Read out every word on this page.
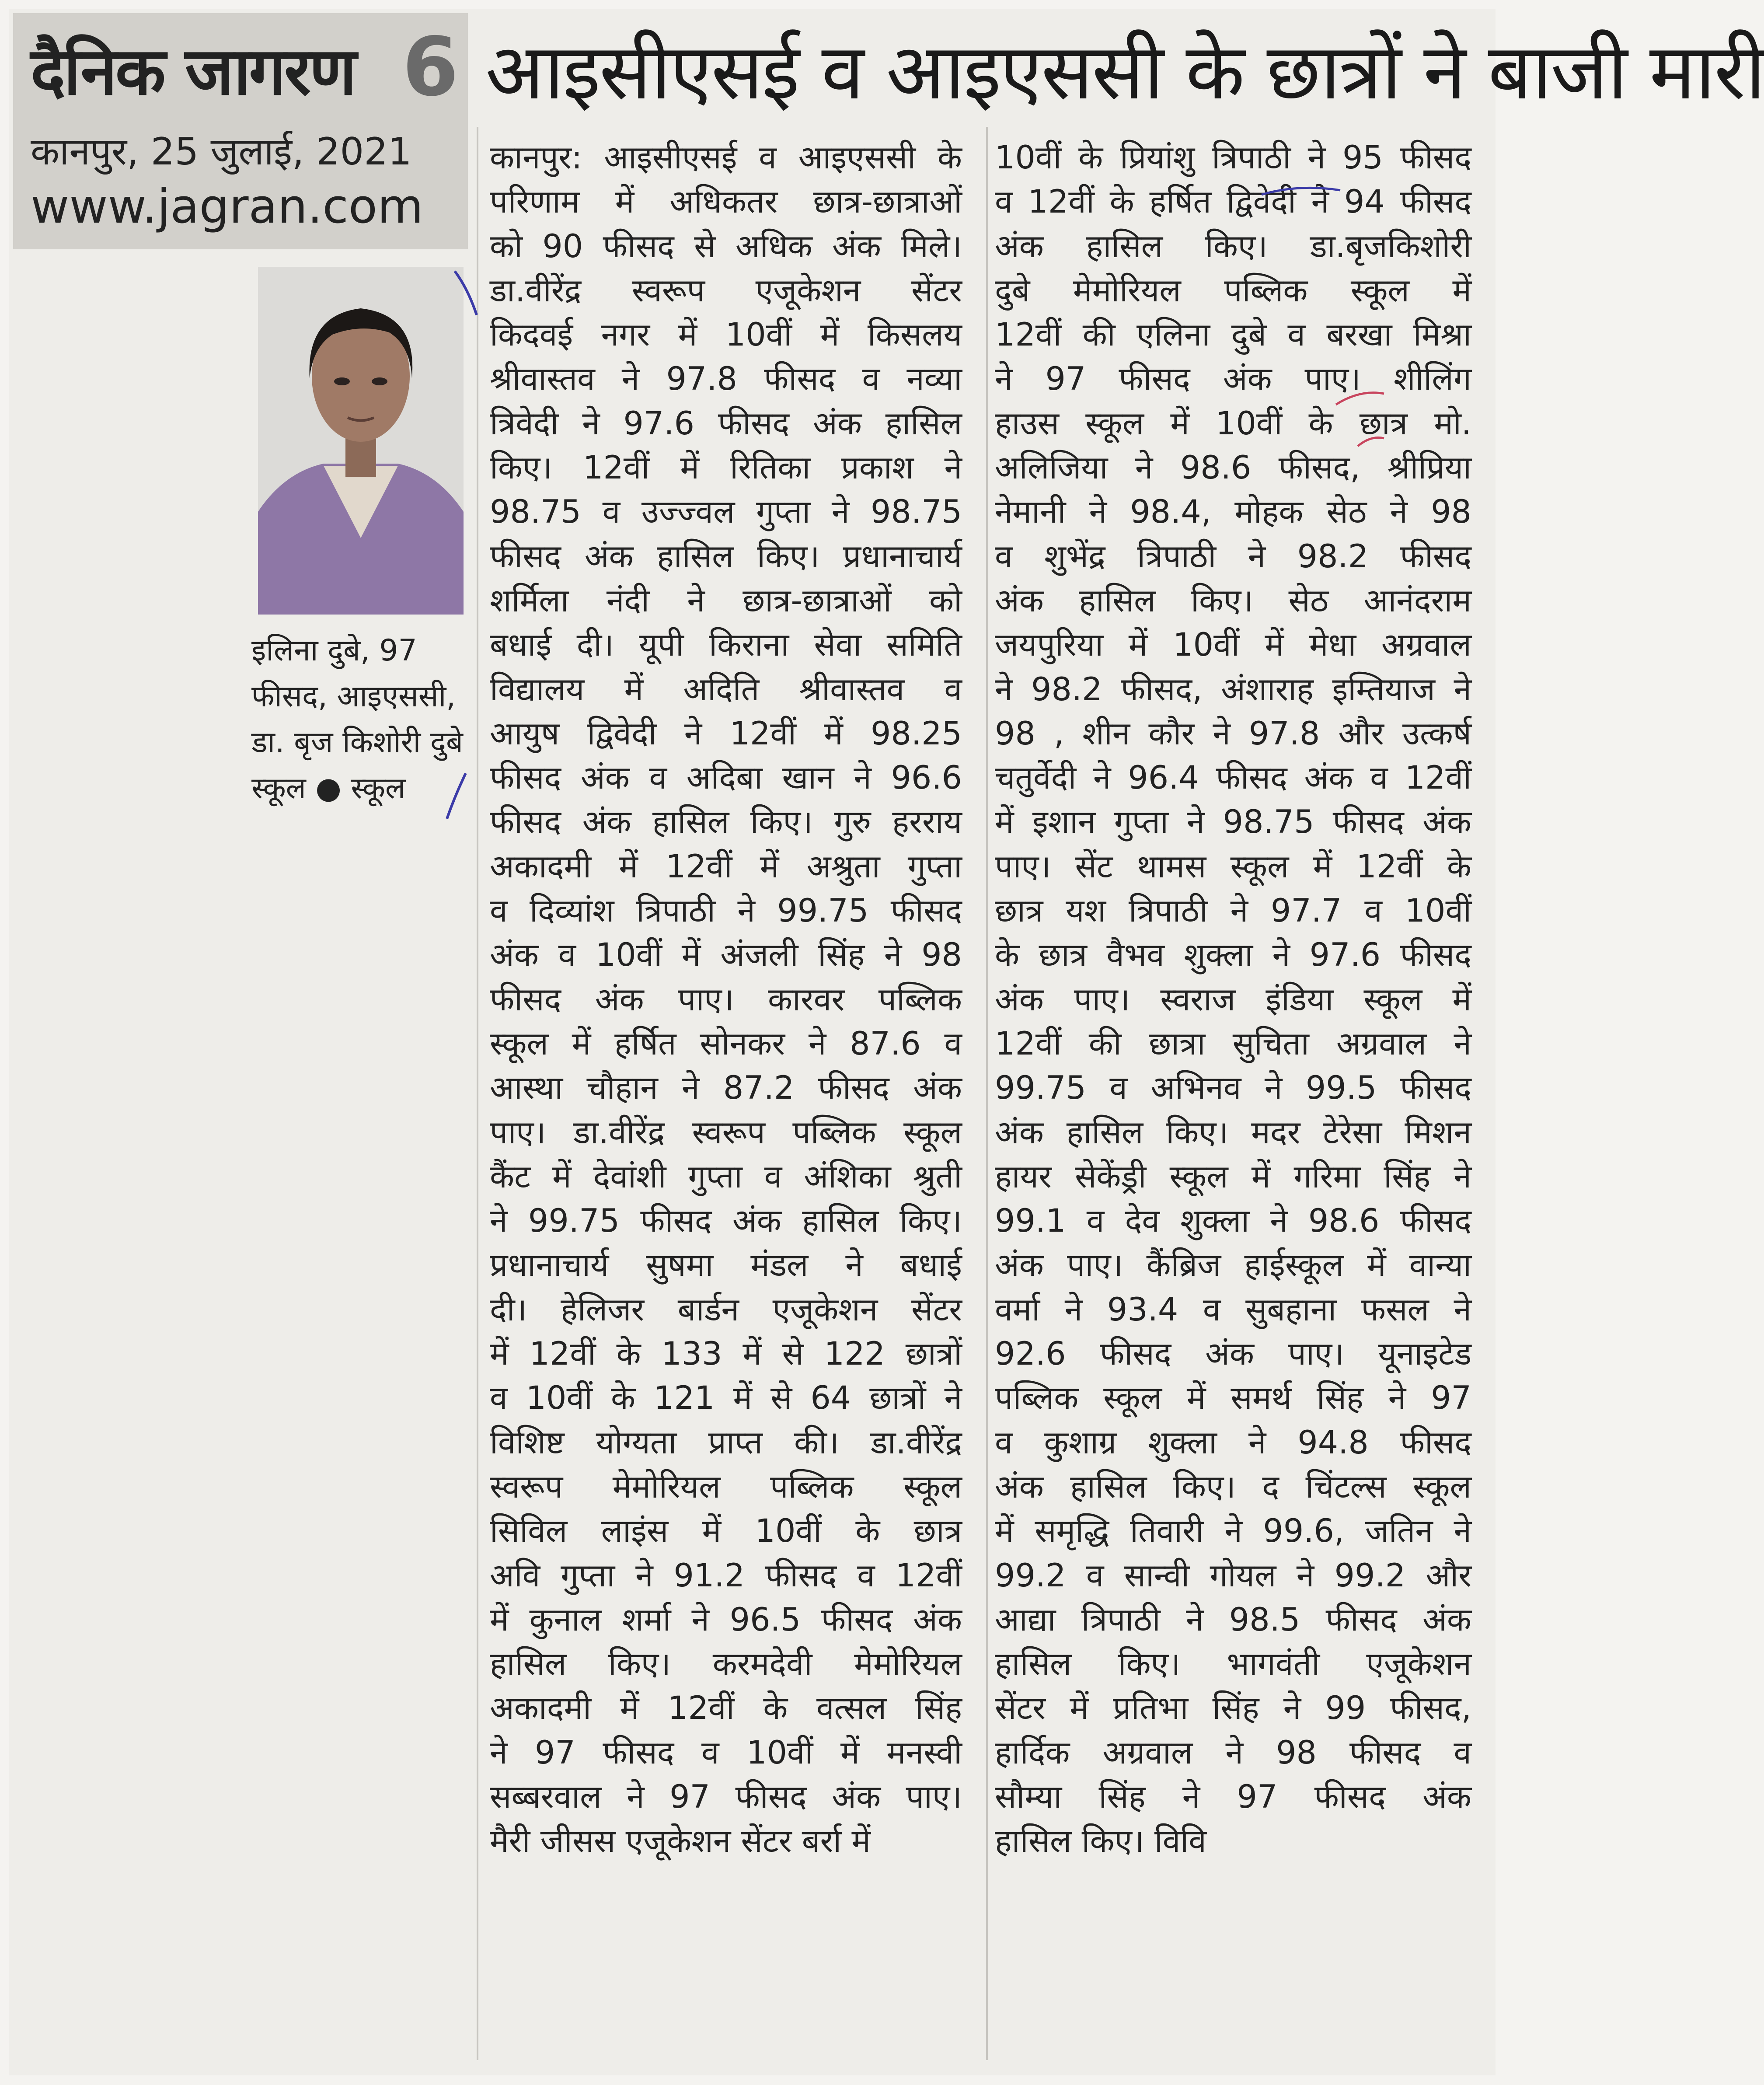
दैनिक जागरण 6
कानपुर, 25 जुलाई, 2021
www.jagran.com
आइसीएसई व आइएससी के छात्रों ने बाजी मारी
इलिना दुबे, 97
फीसद, आइएससी,
डा. बृज किशोरी दुबे
स्कूल ● स्कूल
कानपुर: आइसीएसई व आइएससी के
परिणाम में अधिकतर छात्र-छात्राओं
को 90 फीसद से अधिक अंक मिले।
डा.वीरेंद्र स्वरूप एजूकेशन सेंटर
किदवई नगर में 10वीं में किसलय
श्रीवास्तव ने 97.8 फीसद व नव्या
त्रिवेदी ने 97.6 फीसद अंक हासिल
किए। 12वीं में रितिका प्रकाश ने
98.75 व उज्ज्वल गुप्ता ने 98.75
फीसद अंक हासिल किए। प्रधानाचार्य
शर्मिला नंदी ने छात्र-छात्राओं को
बधाई दी। यूपी किराना सेवा समिति
विद्यालय में अदिति श्रीवास्तव व
आयुष द्विवेदी ने 12वीं में 98.25
फीसद अंक व अदिबा खान ने 96.6
फीसद अंक हासिल किए। गुरु हरराय
अकादमी में 12वीं में अश्रुता गुप्ता
व दिव्यांश त्रिपाठी ने 99.75 फीसद
अंक व 10वीं में अंजली सिंह ने 98
फीसद अंक पाए। कारवर पब्लिक
स्कूल में हर्षित सोनकर ने 87.6 व
आस्था चौहान ने 87.2 फीसद अंक
पाए। डा.वीरेंद्र स्वरूप पब्लिक स्कूल
कैंट में देवांशी गुप्ता व अंशिका श्रुती
ने 99.75 फीसद अंक हासिल किए।
प्रधानाचार्य सुषमा मंडल ने बधाई
दी। हेलिजर बार्डन एजूकेशन सेंटर
में 12वीं के 133 में से 122 छात्रों
व 10वीं के 121 में से 64 छात्रों ने
विशिष्ट योग्यता प्राप्त की। डा.वीरेंद्र
स्वरूप मेमोरियल पब्लिक स्कूल
सिविल लाइंस में 10वीं के छात्र
अवि गुप्ता ने 91.2 फीसद व 12वीं
में कुनाल शर्मा ने 96.5 फीसद अंक
हासिल किए। करमदेवी मेमोरियल
अकादमी में 12वीं के वत्सल सिंह
ने 97 फीसद व 10वीं में मनस्वी
सब्बरवाल ने 97 फीसद अंक पाए।
मैरी जीसस एजूकेशन सेंटर बर्रा में
10वीं के प्रियांशु त्रिपाठी ने 95 फीसद
व 12वीं के हर्षित द्विवेदी ने 94 फीसद
अंक हासिल किए। डा.बृजकिशोरी
दुबे मेमोरियल पब्लिक स्कूल में
12वीं की एलिना दुबे व बरखा मिश्रा
ने 97 फीसद अंक पाए। शीलिंग
हाउस स्कूल में 10वीं के छात्र मो.
अलिजिया ने 98.6 फीसद, श्रीप्रिया
नेमानी ने 98.4, मोहक सेठ ने 98
व शुभेंद्र त्रिपाठी ने 98.2 फीसद
अंक हासिल किए। सेठ आनंदराम
जयपुरिया में 10वीं में मेधा अग्रवाल
ने 98.2 फीसद, अंशाराह इम्तियाज ने
98 , शीन कौर ने 97.8 और उत्कर्ष
चतुर्वेदी ने 96.4 फीसद अंक व 12वीं
में इशान गुप्ता ने 98.75 फीसद अंक
पाए। सेंट थामस स्कूल में 12वीं के
छात्र यश त्रिपाठी ने 97.7 व 10वीं
के छात्र वैभव शुक्ला ने 97.6 फीसद
अंक पाए। स्वराज इंडिया स्कूल में
12वीं की छात्रा सुचिता अग्रवाल ने
99.75 व अभिनव ने 99.5 फीसद
अंक हासिल किए। मदर टेरेसा मिशन
हायर सेकेंड्री स्कूल में गरिमा सिंह ने
99.1 व देव शुक्ला ने 98.6 फीसद
अंक पाए। कैंब्रिज हाईस्कूल में वान्या
वर्मा ने 93.4 व सुबहाना फसल ने
92.6 फीसद अंक पाए। यूनाइटेड
पब्लिक स्कूल में समर्थ सिंह ने 97
व कुशाग्र शुक्ला ने 94.8 फीसद
अंक हासिल किए। द चिंटल्स स्कूल
में समृद्धि तिवारी ने 99.6, जतिन ने
99.2 व सान्वी गोयल ने 99.2 और
आद्या त्रिपाठी ने 98.5 फीसद अंक
हासिल किए। भागवंती एजूकेशन
सेंटर में प्रतिभा सिंह ने 99 फीसद,
हार्दिक अग्रवाल ने 98 फीसद व
सौम्या सिंह ने 97 फीसद अंक
हासिल किए। विवि
